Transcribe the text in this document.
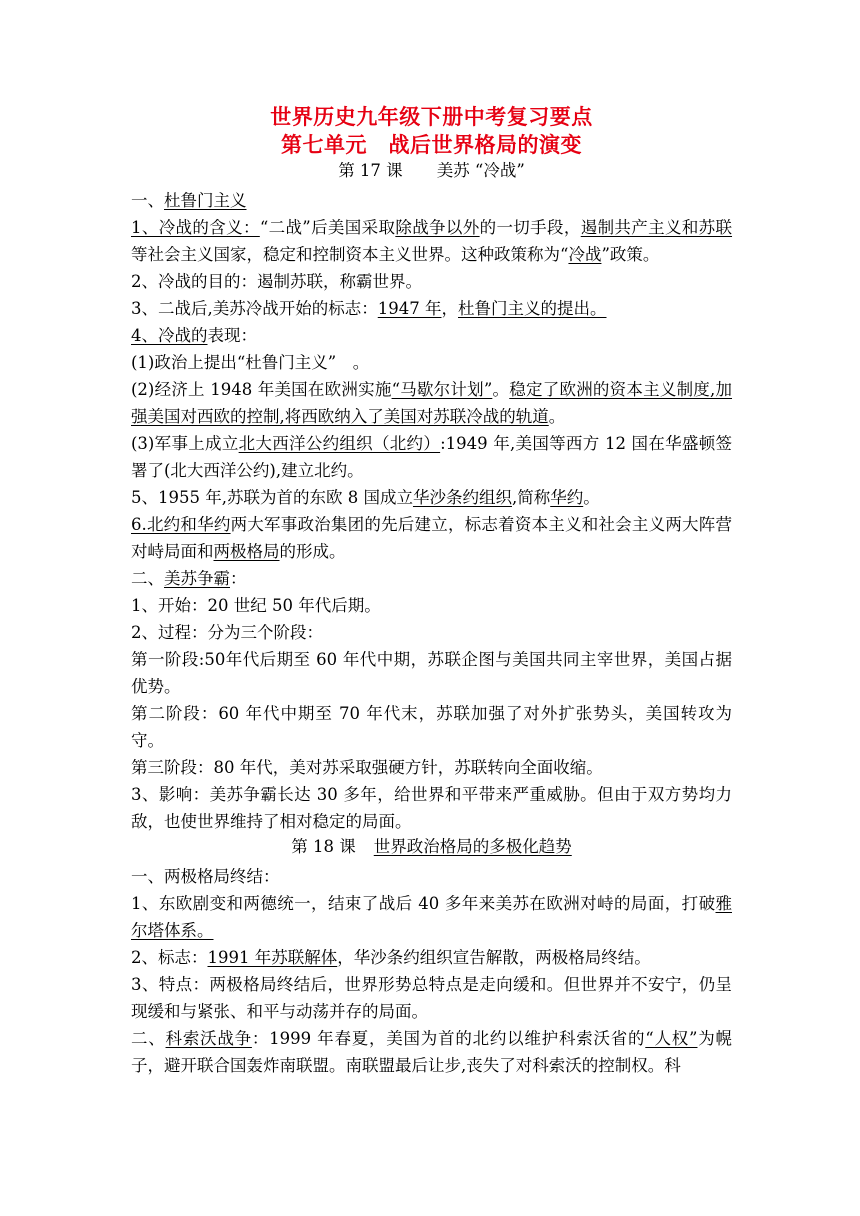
世界历史九年级下册中考复习要点
第七单元　战后世界格局的演变
第 17 课 美苏 “冷战”

一、杜鲁门主义

1、冷战的含义：“二战”后美国采取除战争以外的一切手段，遏制共产主义和苏联等社会主义国家，稳定和控制资本主义世界。这种政策称为“冷战”政策。

2、冷战的目的：遏制苏联，称霸世界。

3、二战后,美苏冷战开始的标志：1947 年，杜鲁门主义的提出。

4、冷战的表现：

(1)政治上提出“杜鲁门主义”　。

(2)经济上 1948 年美国在欧洲实施“马歇尔计划”。稳定了欧洲的资本主义制度,加强美国对西欧的控制,将西欧纳入了美国对苏联冷战的轨道。

(3)军事上成立北大西洋公约组织（北约）:1949 年,美国等西方 12 国在华盛顿签署了(北大西洋公约),建立北约。

5、1955 年,苏联为首的东欧 8 国成立华沙条约组织,简称华约。

6.北约和华约两大军事政治集团的先后建立，标志着资本主义和社会主义两大阵营对峙局面和两极格局的形成。

二、美苏争霸：

1、开始：20 世纪 50 年代后期。

2、过程：分为三个阶段：

第一阶段:50年代后期至 60 年代中期，苏联企图与美国共同主宰世界，美国占据优势。

第二阶段：60 年代中期至 70 年代末，苏联加强了对外扩张势头，美国转攻为守。

第三阶段：80 年代，美对苏采取强硬方针，苏联转向全面收缩。

3、影响：美苏争霸长达 30 多年，给世界和平带来严重威胁。但由于双方势均力敌，也使世界维持了相对稳定的局面。

第 18 课 世界政治格局的多极化趋势

一、两极格局终结：

1、东欧剧变和两德统一，结束了战后 40 多年来美苏在欧洲对峙的局面，打破雅尔塔体系。

2、标志：1991 年苏联解体，华沙条约组织宣告解散，两极格局终结。

3、特点：两极格局终结后，世界形势总特点是走向缓和。但世界并不安宁，仍呈现缓和与紧张、和平与动荡并存的局面。

二、科索沃战争：1999 年春夏，美国为首的北约以维护科索沃省的“人权”为幌子，避开联合国轰炸南联盟。南联盟最后让步,丧失了对科索沃的控制权。科
